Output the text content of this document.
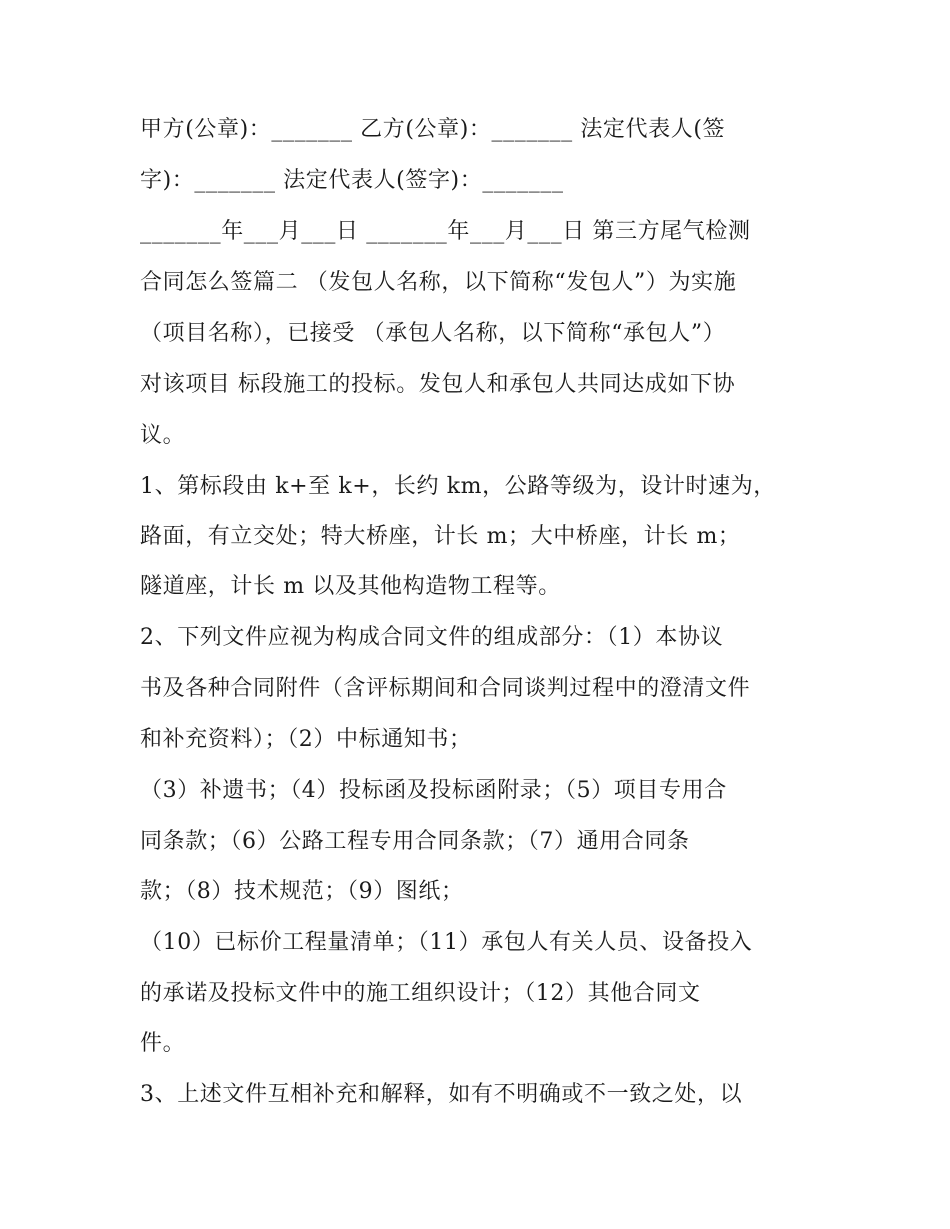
甲方(公章)：_______ 乙方(公章)：_______ 法定代表人(签
字)：_______ 法定代表人(签字)：_______
_______年___月___日 _______年___月___日 第三方尾气检测
合同怎么签篇二 （发包人名称，以下简称“发包人”）为实施
（项目名称），已接受 （承包人名称，以下简称“承包人”）
对该项目 标段施工的投标。发包人和承包人共同达成如下协
议。
1、第标段由 k+至 k+，长约 km，公路等级为，设计时速为，
路面，有立交处；特大桥座，计长 m；大中桥座，计长 m；
隧道座，计长 m 以及其他构造物工程等。
2、下列文件应视为构成合同文件的组成部分：（1）本协议
书及各种合同附件（含评标期间和合同谈判过程中的澄清文件
和补充资料）；（2）中标通知书；
（3）补遗书；（4）投标函及投标函附录；（5）项目专用合
同条款；（6）公路工程专用合同条款；（7）通用合同条
款；（8）技术规范；（9）图纸；
（10）已标价工程量清单；（11）承包人有关人员、设备投入
的承诺及投标文件中的施工组织设计；（12）其他合同文
件。
3、上述文件互相补充和解释，如有不明确或不一致之处，以
